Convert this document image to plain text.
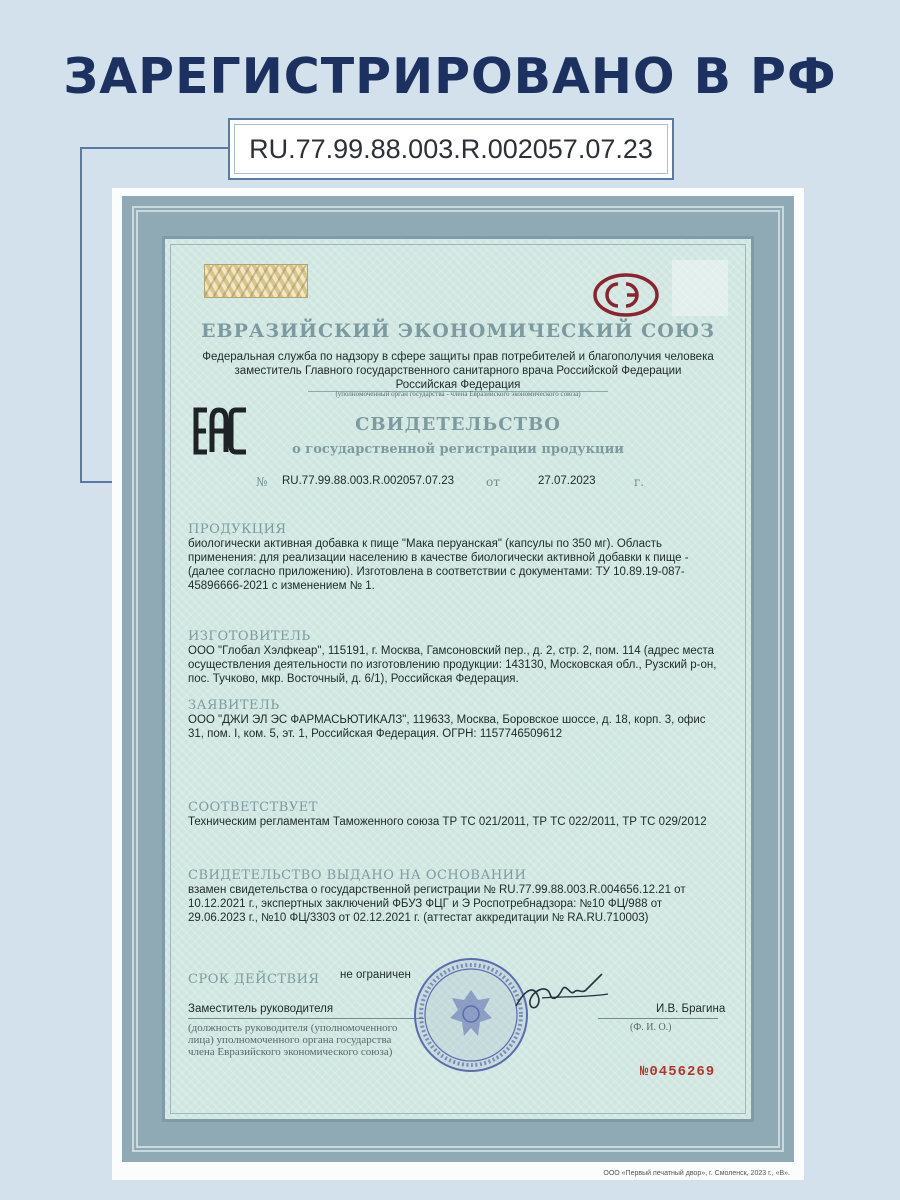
ЗАРЕГИСТРИРОВАНО В РФ
RU.77.99.88.003.R.002057.07.23
ЕВРАЗИЙСКИЙ ЭКОНОМИЧЕСКИЙ СОЮЗ
Федеральная служба по надзору в сфере защиты прав потребителей и благополучия человека
заместитель Главного государственного санитарного врача Российской Федерации
Российская Федерация
(уполномоченный орган государства - члена Евразийского экономического союза)
СВИДЕТЕЛЬСТВО
о государственной регистрации продукции
№ RU.77.99.88.003.R.002057.07.23	от	27.07.2023	г.
ПРОДУКЦИЯ
биологически активная добавка к пище "Мака перуанская" (капсулы по 350 мг). Область
применения: для реализации населению в качестве биологически активной добавки к пище -
(далее согласно приложению). Изготовлена в соответствии с документами: ТУ 10.89.19-087-
45896666-2021 с изменением № 1.
ИЗГОТОВИТЕЛЬ
ООО "Глобал Хэлфкеар", 115191, г. Москва, Гамсоновский пер., д. 2, стр. 2, пом. 114 (адрес места
осуществления деятельности по изготовлению продукции: 143130, Московская обл., Рузский р-он,
пос. Тучково, мкр. Восточный, д. 6/1), Российская Федерация.
ЗАЯВИТЕЛЬ
ООО "ДЖИ ЭЛ ЭС ФАРМАСЬЮТИКАЛЗ", 119633, Москва, Боровское шоссе, д. 18, корп. 3, офис
31, пом. I, ком. 5, эт. 1, Российская Федерация. ОГРН: 1157746509612
СООТВЕТСТВУЕТ
Техническим регламентам Таможенного союза ТР ТС 021/2011, ТР ТС 022/2011, ТР ТС 029/2012
СВИДЕТЕЛЬСТВО ВЫДАНО НА ОСНОВАНИИ
взамен свидетельства о государственной регистрации № RU.77.99.88.003.R.004656.12.21 от
10.12.2021 г., экспертных заключений ФБУЗ ФЦГ и Э Роспотребнадзора: №10 ФЦ/988 от
29.06.2023 г., №10 ФЦ/3303 от 02.12.2021 г. (аттестат аккредитации № RA.RU.710003)
СРОК ДЕЙСТВИЯ не ограничен
Заместитель руководителя	И.В. Брагина
(должность руководителя (уполномоченного
лица) уполномоченного органа государства
члена Евразийского экономического союза)
(Ф. И. О.)
№0456269
ООО «Первый печатный двор», г. Смоленск, 2023 г., «В».
